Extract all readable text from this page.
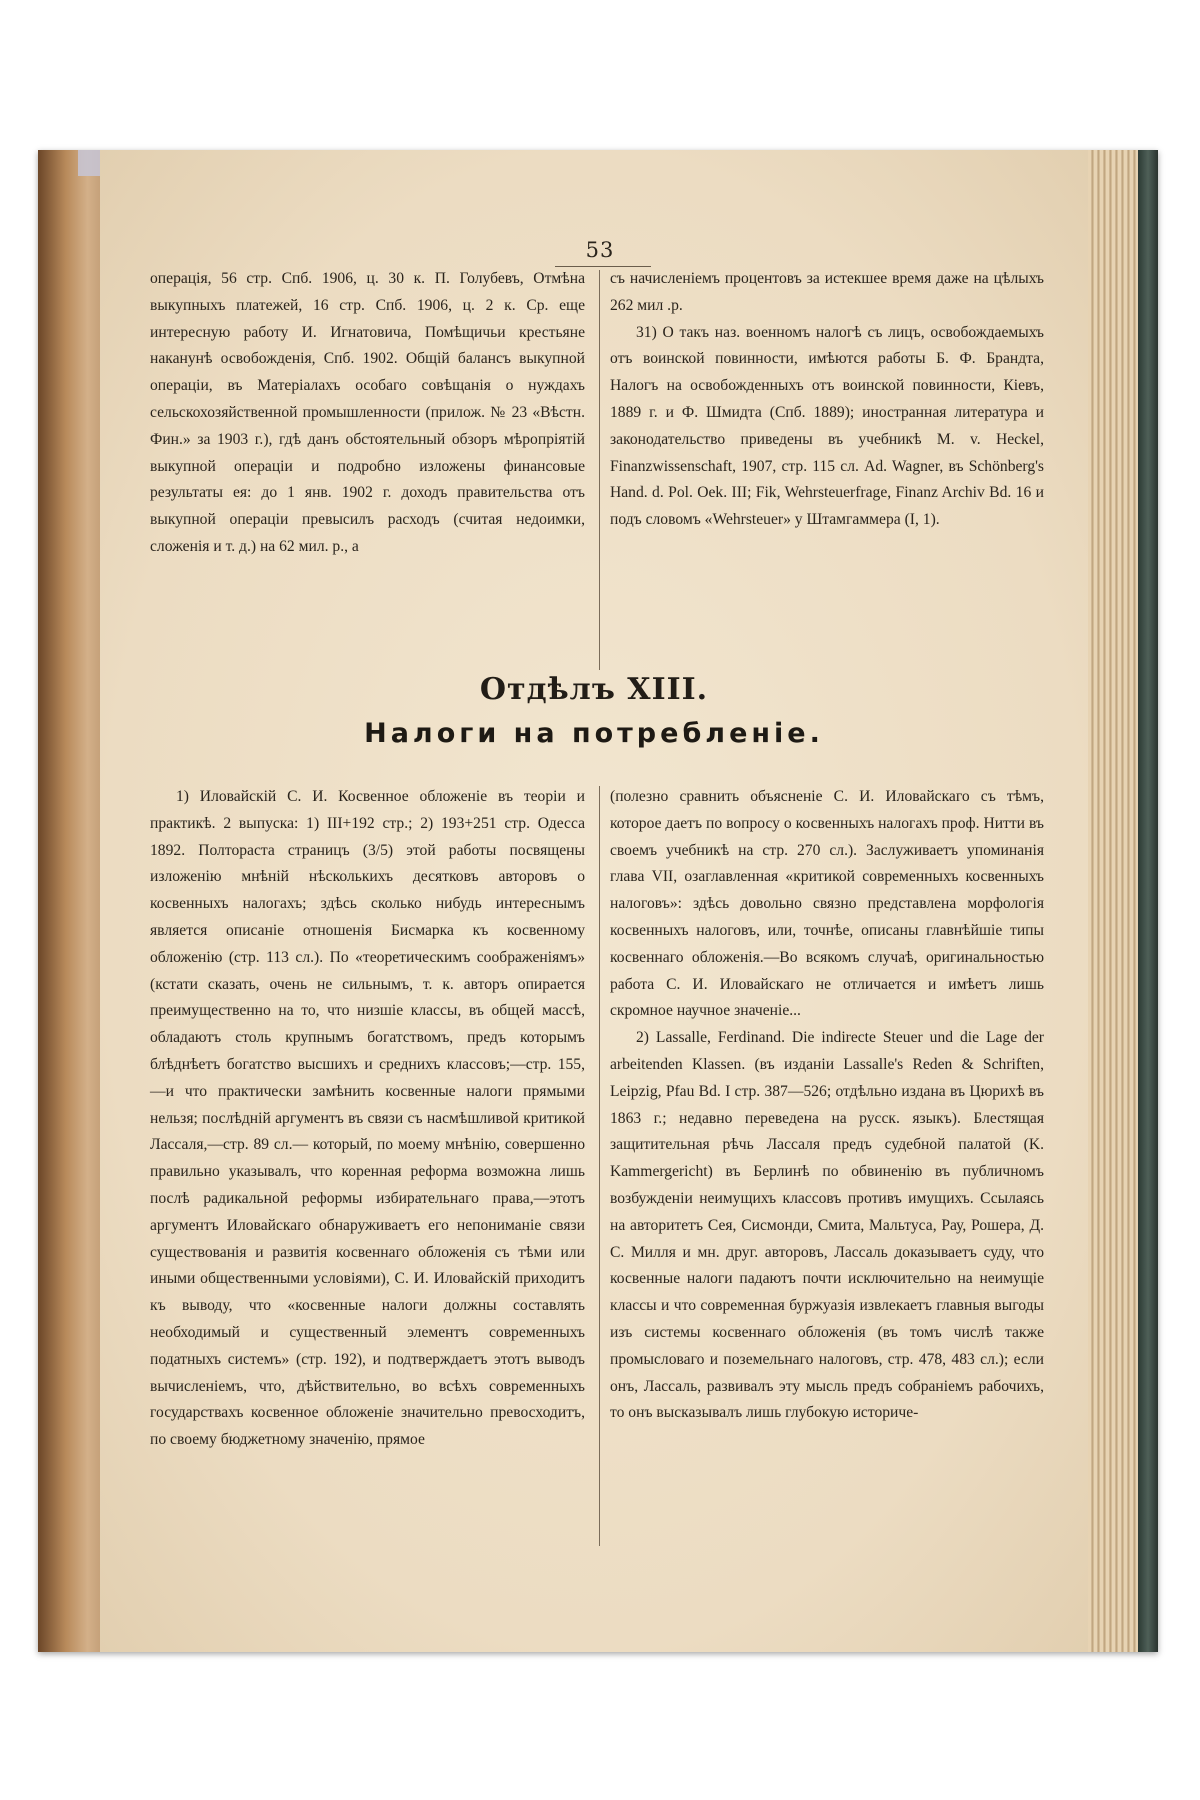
53

операція, 56 стр. Спб. 1906, ц. 30 к. П. Голубевъ, Отмѣна выкупныхъ платежей, 16 стр. Спб. 1906, ц. 2 к. Ср. еще интересную работу И. Игнатовича, Помѣщичьи крестьяне наканунѣ освобожденія, Спб. 1902. Общій балансъ выкупной операціи, въ Матеріалахъ особаго совѣщанія о нуждахъ сельскохозяйственной промышленности (прилож. № 23 «Вѣстн. Фин.» за 1903 г.), гдѣ данъ обстоятельный обзоръ мѣропріятій выкупной операціи и подробно изложены финансовые результаты ея: до 1 янв. 1902 г. доходъ правительства отъ выкупной операціи превысилъ расходъ (считая недоимки, сложенія и т. д.) на 62 мил. р., а

съ начисленіемъ процентовъ за истекшее время даже на цѣлыхъ 262 мил .р.

31) О такъ наз. военномъ налогѣ съ лицъ, освобождаемыхъ отъ воинской повинности, имѣются работы Б. Ф. Брандта, Налогъ на освобожденныхъ отъ воинской повинности, Кіевъ, 1889 г. и Ф. Шмидта (Спб. 1889); иностранная литература и законодательство приведены въ учебникѣ M. v. Heckel, Finanzwissenschaft, 1907, стр. 115 сл. Ad. Wagner, въ Schönberg's Hand. d. Pol. Oek. III; Fik, Wehrsteuerfrage, Finanz Archiv Bd. 16 и подъ словомъ «Wehrsteuer» у Штамгаммера (I, 1).

Отдѣлъ XIII.
Налоги на потребленіе.

1) Иловайскій С. И. Косвенное обложеніе въ теоріи и практикѣ. 2 выпуска: 1) III+192 стр.; 2) 193+251 стр. Одесса 1892. Полтораста страницъ (3/5) этой работы посвящены изложенію мнѣній нѣсколькихъ десятковъ авторовъ о косвенныхъ налогахъ; здѣсь сколько нибудь интереснымъ является описаніе отношенія Бисмарка къ косвенному обложенію (стр. 113 сл.). По «теоретическимъ соображеніямъ» (кстати сказать, очень не сильнымъ, т. к. авторъ опирается преимущественно на то, что низшіе классы, въ общей массѣ, обладаютъ столь крупнымъ богатствомъ, предъ которымъ блѣднѣетъ богатство высшихъ и среднихъ классовъ;—стр. 155,—и что практически замѣнить косвенные налоги прямыми нельзя; послѣдній аргументъ въ связи съ насмѣшливой критикой Лассаля,—стр. 89 сл.— который, по моему мнѣнію, совершенно правильно указывалъ, что коренная реформа возможна лишь послѣ радикальной реформы избирательнаго права,—этотъ аргументъ Иловайскаго обнаруживаетъ его непониманіе связи существованія и развитія косвеннаго обложенія съ тѣми или иными общественными условіями), С. И. Иловайскій приходитъ къ выводу, что «косвенные налоги должны составлять необходимый и существенный элементъ современныхъ податныхъ системъ» (стр. 192), и подтверждаетъ этотъ выводъ вычисленіемъ, что, дѣйствительно, во всѣхъ современныхъ государствахъ косвенное обложеніе значительно превосходитъ, по своему бюджетному значенію, прямое

(полезно сравнить объясненіе С. И. Иловайскаго съ тѣмъ, которое даетъ по вопросу о косвенныхъ налогахъ проф. Нитти въ своемъ учебникѣ на стр. 270 сл.). Заслуживаетъ упоминанія глава VII, озаглавленная «критикой современныхъ косвенныхъ налоговъ»: здѣсь довольно связно представлена морфологія косвенныхъ налоговъ, или, точнѣе, описаны главнѣйшіе типы косвеннаго обложенія.—Во всякомъ случаѣ, оригинальностью работа С. И. Иловайскаго не отличается и имѣетъ лишь скромное научное значеніе...

2) Lassalle, Ferdinand. Die indirecte Steuer und die Lage der arbeitenden Klassen. (въ изданіи Lassalle's Reden & Schriften, Leipzig, Pfau Bd. I стр. 387—526; отдѣльно издана въ Цюрихѣ въ 1863 г.; недавно переведена на русск. языкъ). Блестящая защитительная рѣчь Лассаля предъ судебной палатой (K. Kammergericht) въ Берлинѣ по обвиненію въ публичномъ возбужденіи неимущихъ классовъ противъ имущихъ. Ссылаясь на авторитетъ Сея, Сисмонди, Смита, Мальтуса, Рау, Рошера, Д. С. Милля и мн. друг. авторовъ, Лассаль доказываетъ суду, что косвенные налоги падаютъ почти исключительно на неимущіе классы и что современная буржуазія извлекаетъ главныя выгоды изъ системы косвеннаго обложенія (въ томъ числѣ также промысловаго и поземельнаго налоговъ, стр. 478, 483 сл.); если онъ, Лассаль, развивалъ эту мысль предъ собраніемъ рабочихъ, то онъ высказывалъ лишь глубокую историче-
